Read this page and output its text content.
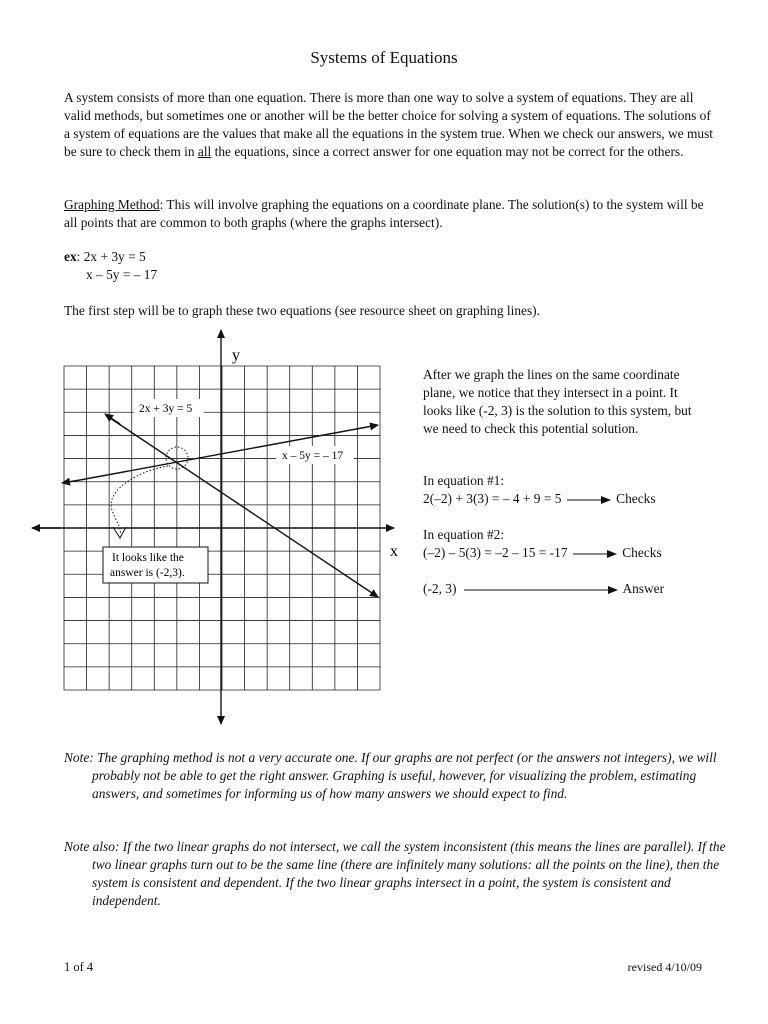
Systems of Equations

A system consists of more than one equation. There is more than one way to solve a system of equations. They are all valid methods, but sometimes one or another will be the better choice for solving a system of equations. The solutions of a system of equations are the values that make all the equations in the system true. When we check our answers, we must be sure to check them in all the equations, since a correct answer for one equation may not be correct for the others.

Graphing Method: This will involve graphing the equations on a coordinate plane. The solution(s) to the system will be all points that are common to both graphs (where the graphs intersect).

ex: 2x + 3y = 5
x – 5y = – 17

The first step will be to graph these two equations (see resource sheet on graphing lines).

2x + 3y = 5
x – 5y = – 17
It looks like the
answer is (-2,3).
y
x
After we graph the lines on the same coordinate plane, we notice that they intersect in a point. It looks like (-2, 3) is the solution to this system, but we need to check this potential solution.
In equation #1:
2(–2) + 3(3) = – 4 + 9 = 5	Checks
In equation #2:
(–2) – 5(3) = –2 – 15 = -17	Checks
(-2, 3)	Answer

Note: The graphing method is not a very accurate one. If our graphs are not perfect (or the answers not integers), we will probably not be able to get the right answer. Graphing is useful, however, for visualizing the problem, estimating answers, and sometimes for informing us of how many answers we should expect to find.

Note also: If the two linear graphs do not intersect, we call the system inconsistent (this means the lines are parallel). If the two linear graphs turn out to be the same line (there are infinitely many solutions: all the points on the line), then the system is consistent and dependent. If the two linear graphs intersect in a point, the system is consistent and independent.

1 of 4	revised 4/10/09
